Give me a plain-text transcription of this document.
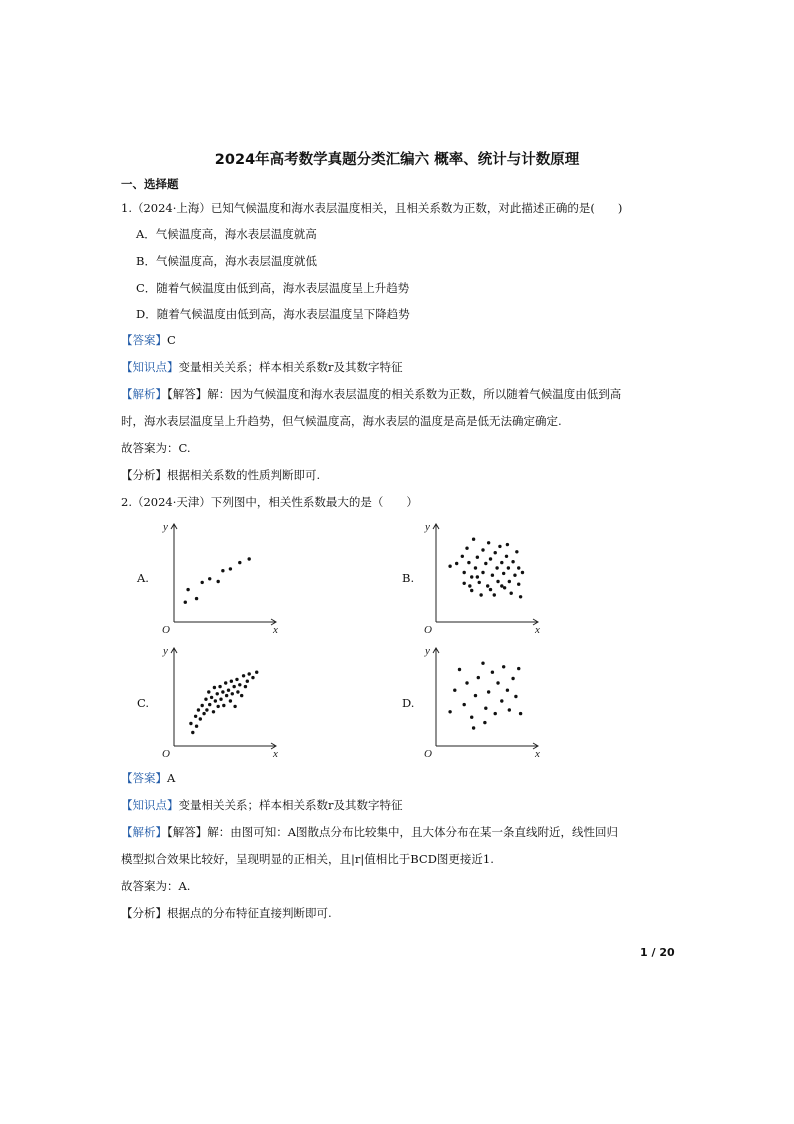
2024年高考数学真题分类汇编六 概率、统计与计数原理
一、选择题
1.（2024·上海）已知气候温度和海水表层温度相关，且相关系数为正数，对此描述正确的是(　　)
A．气候温度高，海水表层温度就高
B．气候温度高，海水表层温度就低
C．随着气候温度由低到高，海水表层温度呈上升趋势
D．随着气候温度由低到高，海水表层温度呈下降趋势
【答案】C
【知识点】变量相关关系；样本相关系数r及其数字特征
【解析】【解答】解：因为气候温度和海水表层温度的相关系数为正数，所以随着气候温度由低到高
时，海水表层温度呈上升趋势，但气候温度高，海水表层的温度是高是低无法确定确定.
故答案为：C.
【分析】根据相关系数的性质判断即可.
2.（2024·天津）下列图中，相关性系数最大的是（　　）
A.
y
x
O
B.
y
x
O
C.
y
x
O
D.
y
x
O
【答案】A
【知识点】变量相关关系；样本相关系数r及其数字特征
【解析】【解答】解：由图可知：A图散点分布比较集中，且大体分布在某一条直线附近，线性回归
模型拟合效果比较好，呈现明显的正相关，且|r|值相比于BCD图更接近1.
故答案为：A.
【分析】根据点的分布特征直接判断即可.
1 / 20
